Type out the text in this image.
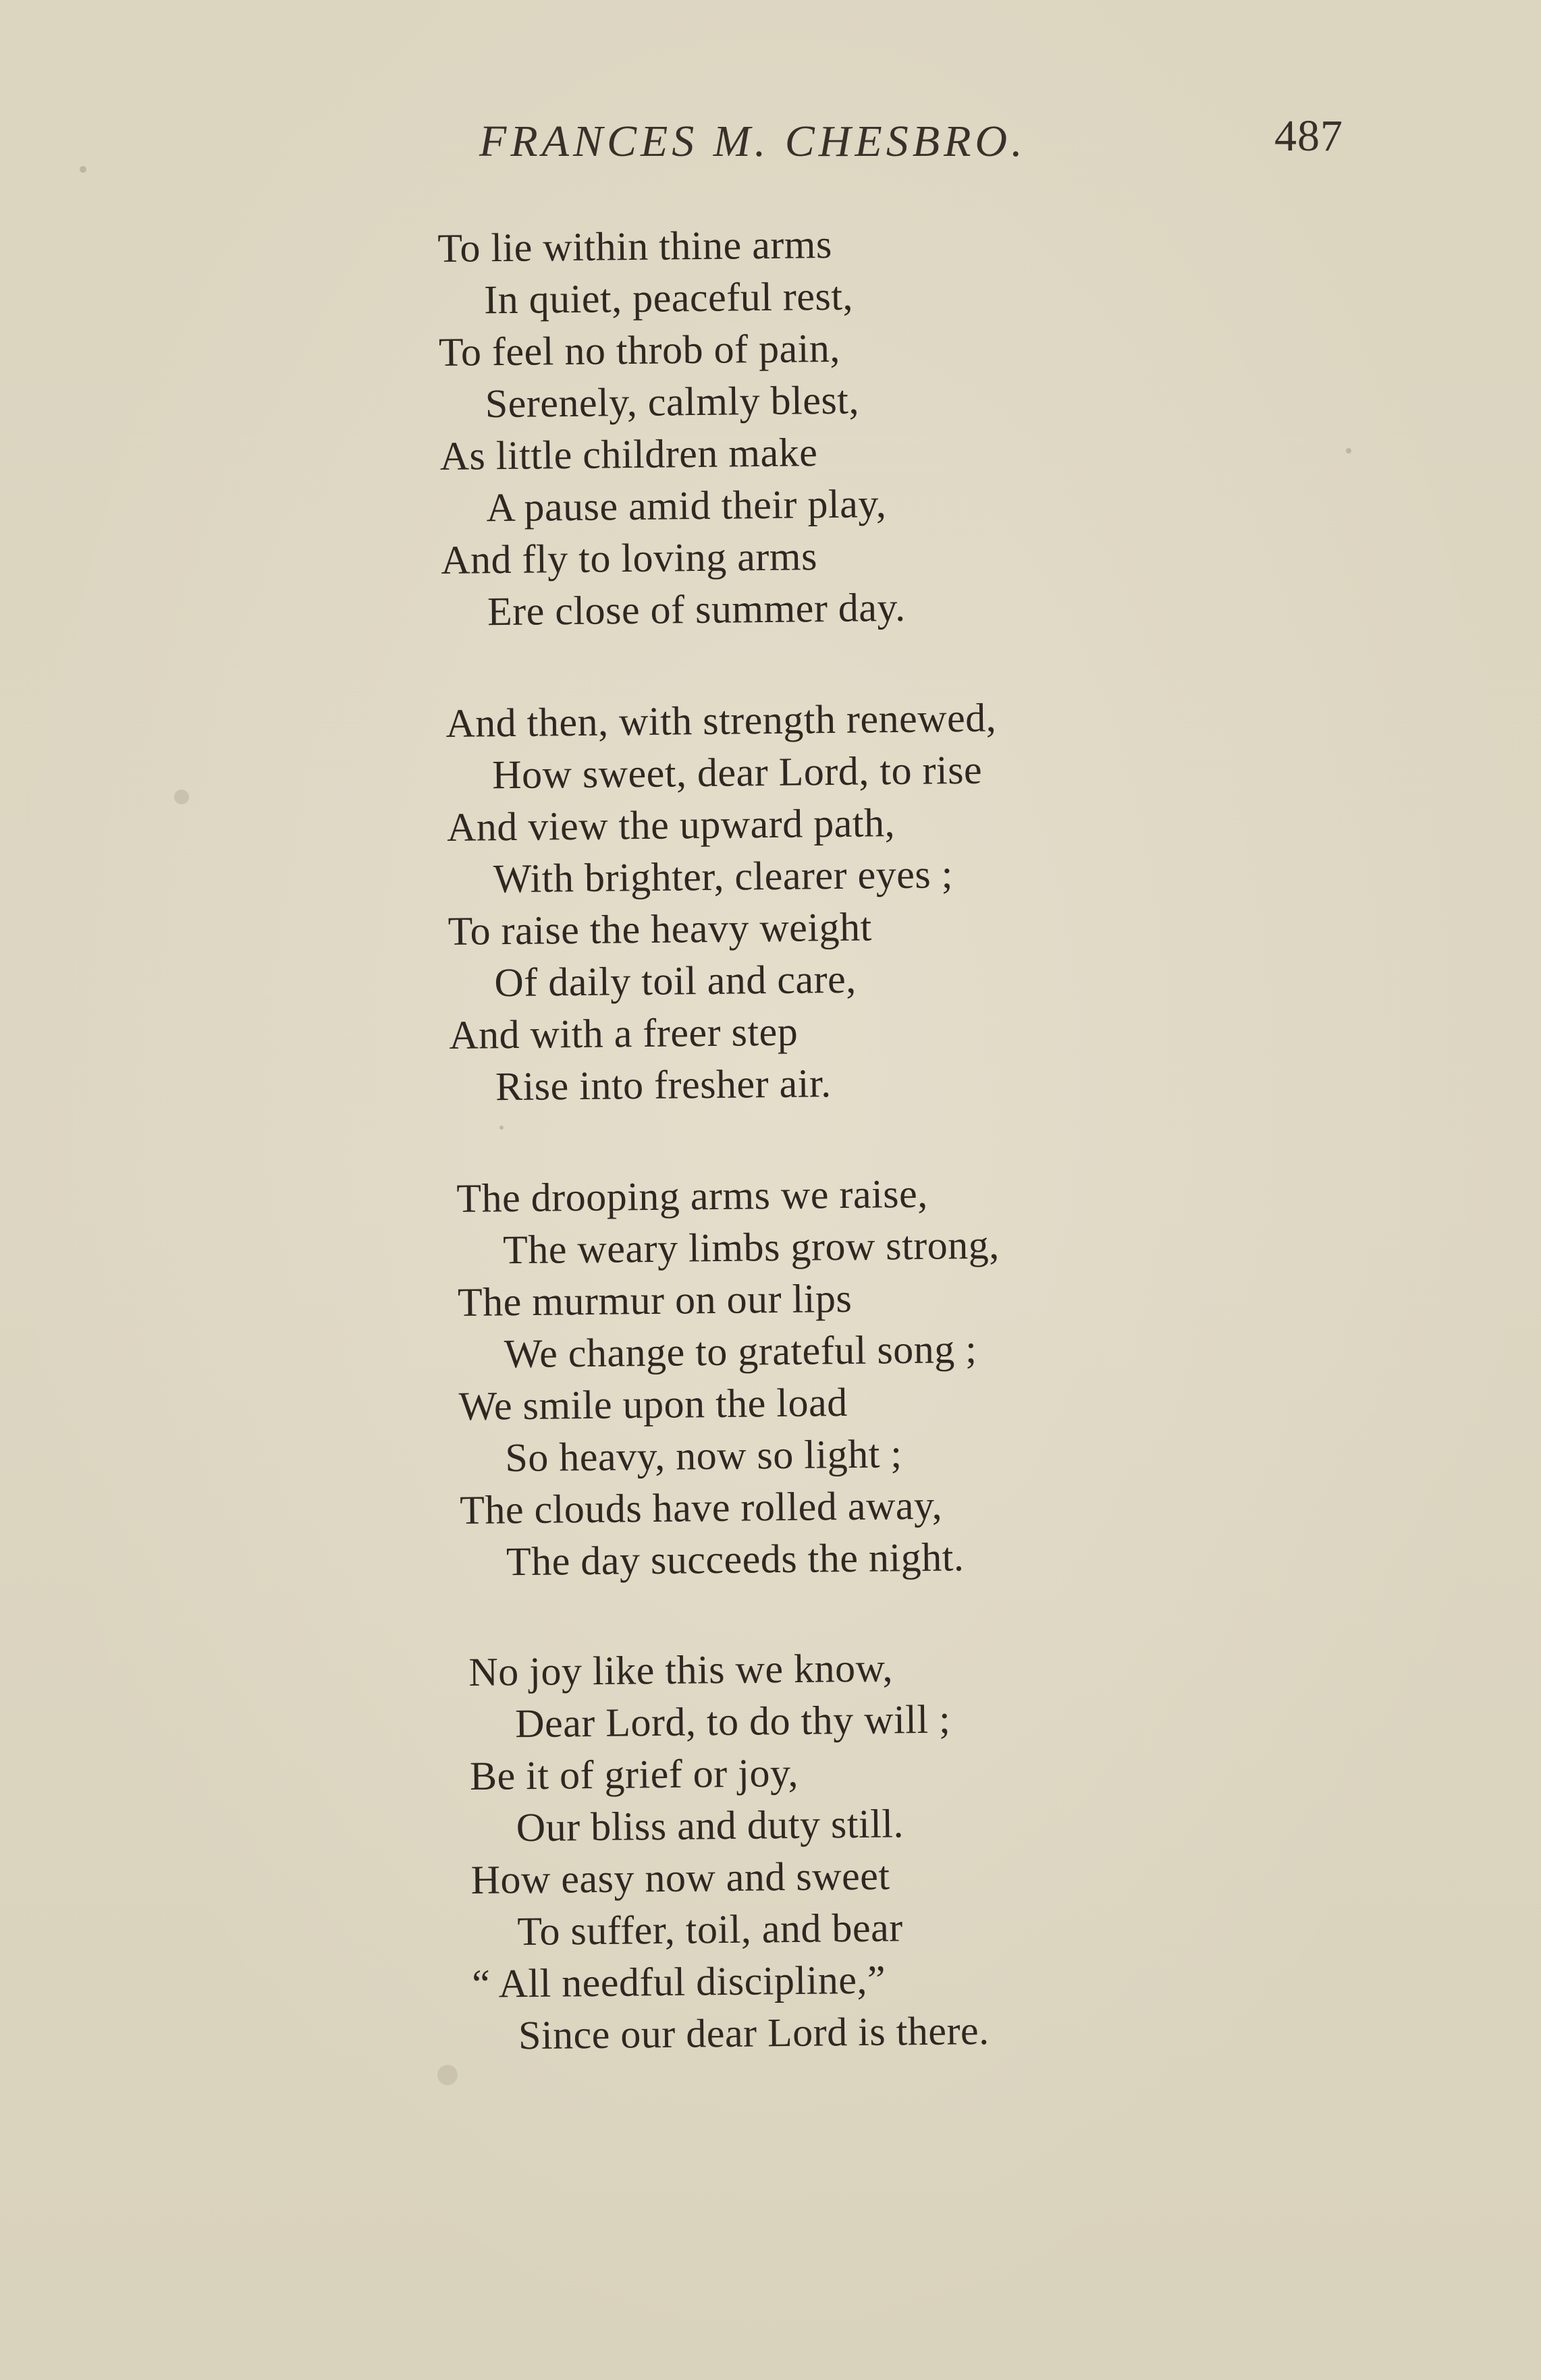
FRANCES M. CHESBRO.	487
To lie within thine arms
In quiet, peaceful rest,
To feel no throb of pain,
Serenely, calmly blest,
As little children make
A pause amid their play,
And fly to loving arms
Ere close of summer day.
And then, with strength renewed,
How sweet, dear Lord, to rise
And view the upward path,
With brighter, clearer eyes ;
To raise the heavy weight
Of daily toil and care,
And with a freer step
Rise into fresher air.
The drooping arms we raise,
The weary limbs grow strong,
The murmur on our lips
We change to grateful song ;
We smile upon the load
So heavy, now so light ;
The clouds have rolled away,
The day succeeds the night.
No joy like this we know,
Dear Lord, to do thy will ;
Be it of grief or joy,
Our bliss and duty still.
How easy now and sweet
To suffer, toil, and bear
“ All needful discipline,”
Since our dear Lord is there.
